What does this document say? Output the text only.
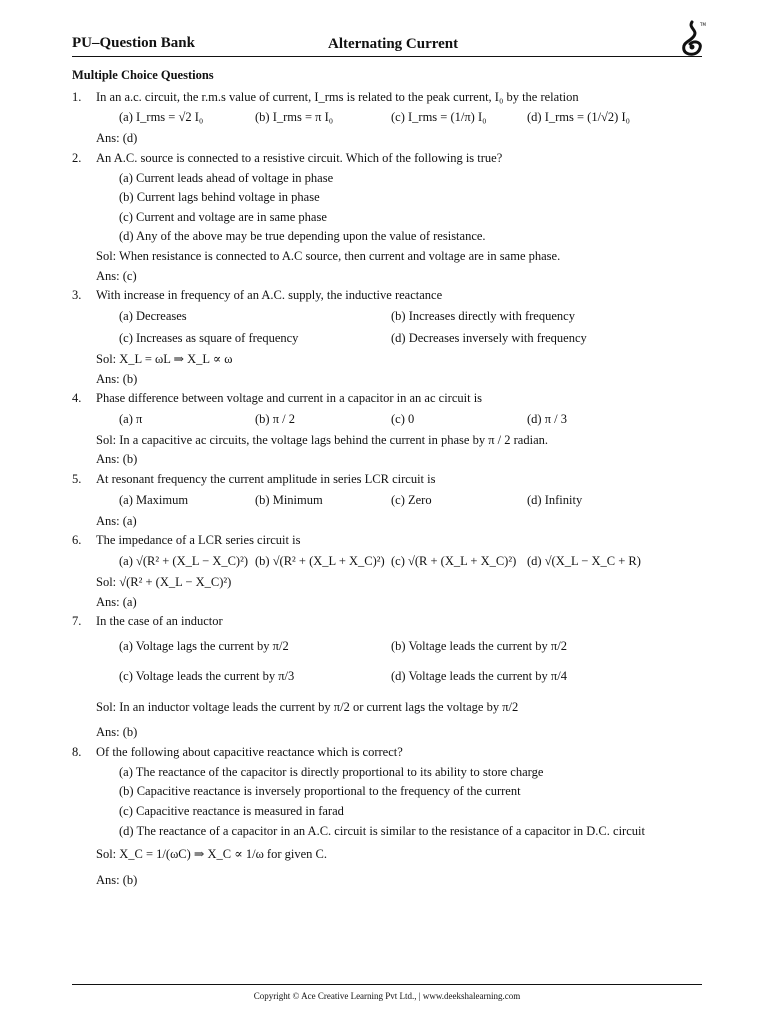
PU–Question Bank	Alternating Current
TM
Multiple Choice Questions
1.	In an a.c. circuit, the r.m.s value of current, I_rms is related to the peak current, I₀ by the relation
(a) I_rms = √2 I₀	(b) I_rms = π I₀	(c) I_rms = (1/π) I₀	(d) I_rms = (1/√2) I₀
Ans: (d)
2.	An A.C. source is connected to a resistive circuit. Which of the following is true?
(a) Current leads ahead of voltage in phase
(b) Current lags behind voltage in phase
(c) Current and voltage are in same phase
(d) Any of the above may be true depending upon the value of resistance.
Sol: When resistance is connected to A.C source, then current and voltage are in same phase.
Ans: (c)
3.	With increase in frequency of an A.C. supply, the inductive reactance
(a) Decreases	(b) Increases directly with frequency
(c) Increases as square of frequency	(d) Decreases inversely with frequency
Sol: X_L = ωL ⇒ X_L ∝ ω
Ans: (b)
4.	Phase difference between voltage and current in a capacitor in an ac circuit is
(a) π	(b) π / 2	(c) 0	(d) π / 3
Sol: In a capacitive ac circuits, the voltage lags behind the current in phase by π / 2 radian.
Ans: (b)
5.	At resonant frequency the current amplitude in series LCR circuit is
(a) Maximum	(b) Minimum	(c) Zero	(d) Infinity
Ans: (a)
6.	The impedance of a LCR series circuit is
(a) √(R² + (X_L − X_C)²) (b) √(R² + (X_L + X_C)²) (c) √(R + (X_L + X_C)²) (d) √(X_L − X_C + R)
Sol: √(R² + (X_L − X_C)²)
Ans: (a)
7.	In the case of an inductor
(a) Voltage lags the current by π/2	(b) Voltage leads the current by π/2
(c) Voltage leads the current by π/3	(d) Voltage leads the current by π/4
Sol: In an inductor voltage leads the current by π/2 or current lags the voltage by π/2
Ans: (b)
8.	Of the following about capacitive reactance which is correct?
(a) The reactance of the capacitor is directly proportional to its ability to store charge
(b) Capacitive reactance is inversely proportional to the frequency of the current
(c) Capacitive reactance is measured in farad
(d) The reactance of a capacitor in an A.C. circuit is similar to the resistance of a capacitor in D.C. circuit
Sol: X_C = 1/(ωC) ⇒ X_C ∝ 1/ω for given C.
Ans: (b)
Copyright © Ace Creative Learning Pvt Ltd., | www.deekshalearning.com
